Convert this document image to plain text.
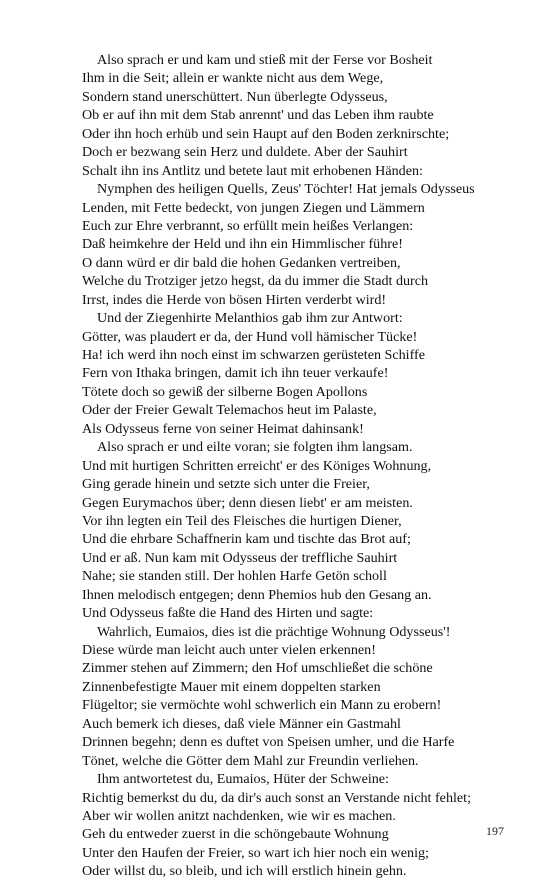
Also sprach er und kam und stieß mit der Ferse vor Bosheit
Ihm in die Seit; allein er wankte nicht aus dem Wege,
Sondern stand unerschüttert. Nun überlegte Odysseus,
Ob er auf ihn mit dem Stab anrennt' und das Leben ihm raubte
Oder ihn hoch erhüb und sein Haupt auf den Boden zerknirschte;
Doch er bezwang sein Herz und duldete. Aber der Sauhirt
Schalt ihn ins Antlitz und betete laut mit erhobenen Händen:
Nymphen des heiligen Quells, Zeus' Töchter! Hat jemals Odysseus
Lenden, mit Fette bedeckt, von jungen Ziegen und Lämmern
Euch zur Ehre verbrannt, so erfüllt mein heißes Verlangen:
Daß heimkehre der Held und ihn ein Himmlischer führe!
O dann würd er dir bald die hohen Gedanken vertreiben,
Welche du Trotziger jetzo hegst, da du immer die Stadt durch
Irrst, indes die Herde von bösen Hirten verderbt wird!
Und der Ziegenhirte Melanthios gab ihm zur Antwort:
Götter, was plaudert er da, der Hund voll hämischer Tücke!
Ha! ich werd ihn noch einst im schwarzen gerüsteten Schiffe
Fern von Ithaka bringen, damit ich ihn teuer verkaufe!
Tötete doch so gewiß der silberne Bogen Apollons
Oder der Freier Gewalt Telemachos heut im Palaste,
Als Odysseus ferne von seiner Heimat dahinsank!
Also sprach er und eilte voran; sie folgten ihm langsam.
Und mit hurtigen Schritten erreicht' er des Königes Wohnung,
Ging gerade hinein und setzte sich unter die Freier,
Gegen Eurymachos über; denn diesen liebt' er am meisten.
Vor ihn legten ein Teil des Fleisches die hurtigen Diener,
Und die ehrbare Schaffnerin kam und tischte das Brot auf;
Und er aß. Nun kam mit Odysseus der treffliche Sauhirt
Nahe; sie standen still. Der hohlen Harfe Getön scholl
Ihnen melodisch entgegen; denn Phemios hub den Gesang an.
Und Odysseus faßte die Hand des Hirten und sagte:
Wahrlich, Eumaios, dies ist die prächtige Wohnung Odysseus'!
Diese würde man leicht auch unter vielen erkennen!
Zimmer stehen auf Zimmern; den Hof umschließet die schöne
Zinnenbefestigte Mauer mit einem doppelten starken
Flügeltor; sie vermöchte wohl schwerlich ein Mann zu erobern!
Auch bemerk ich dieses, daß viele Männer ein Gastmahl
Drinnen begehn; denn es duftet von Speisen umher, und die Harfe
Tönet, welche die Götter dem Mahl zur Freundin verliehen.
Ihm antwortetest du, Eumaios, Hüter der Schweine:
Richtig bemerkst du du, da dir's auch sonst an Verstande nicht fehlet;
Aber wir wollen anitzt nachdenken, wie wir es machen.
Geh du entweder zuerst in die schöngebaute Wohnung
Unter den Haufen der Freier, so wart ich hier noch ein wenig;
Oder willst du, so bleib, und ich will erstlich hinein gehn.
197
